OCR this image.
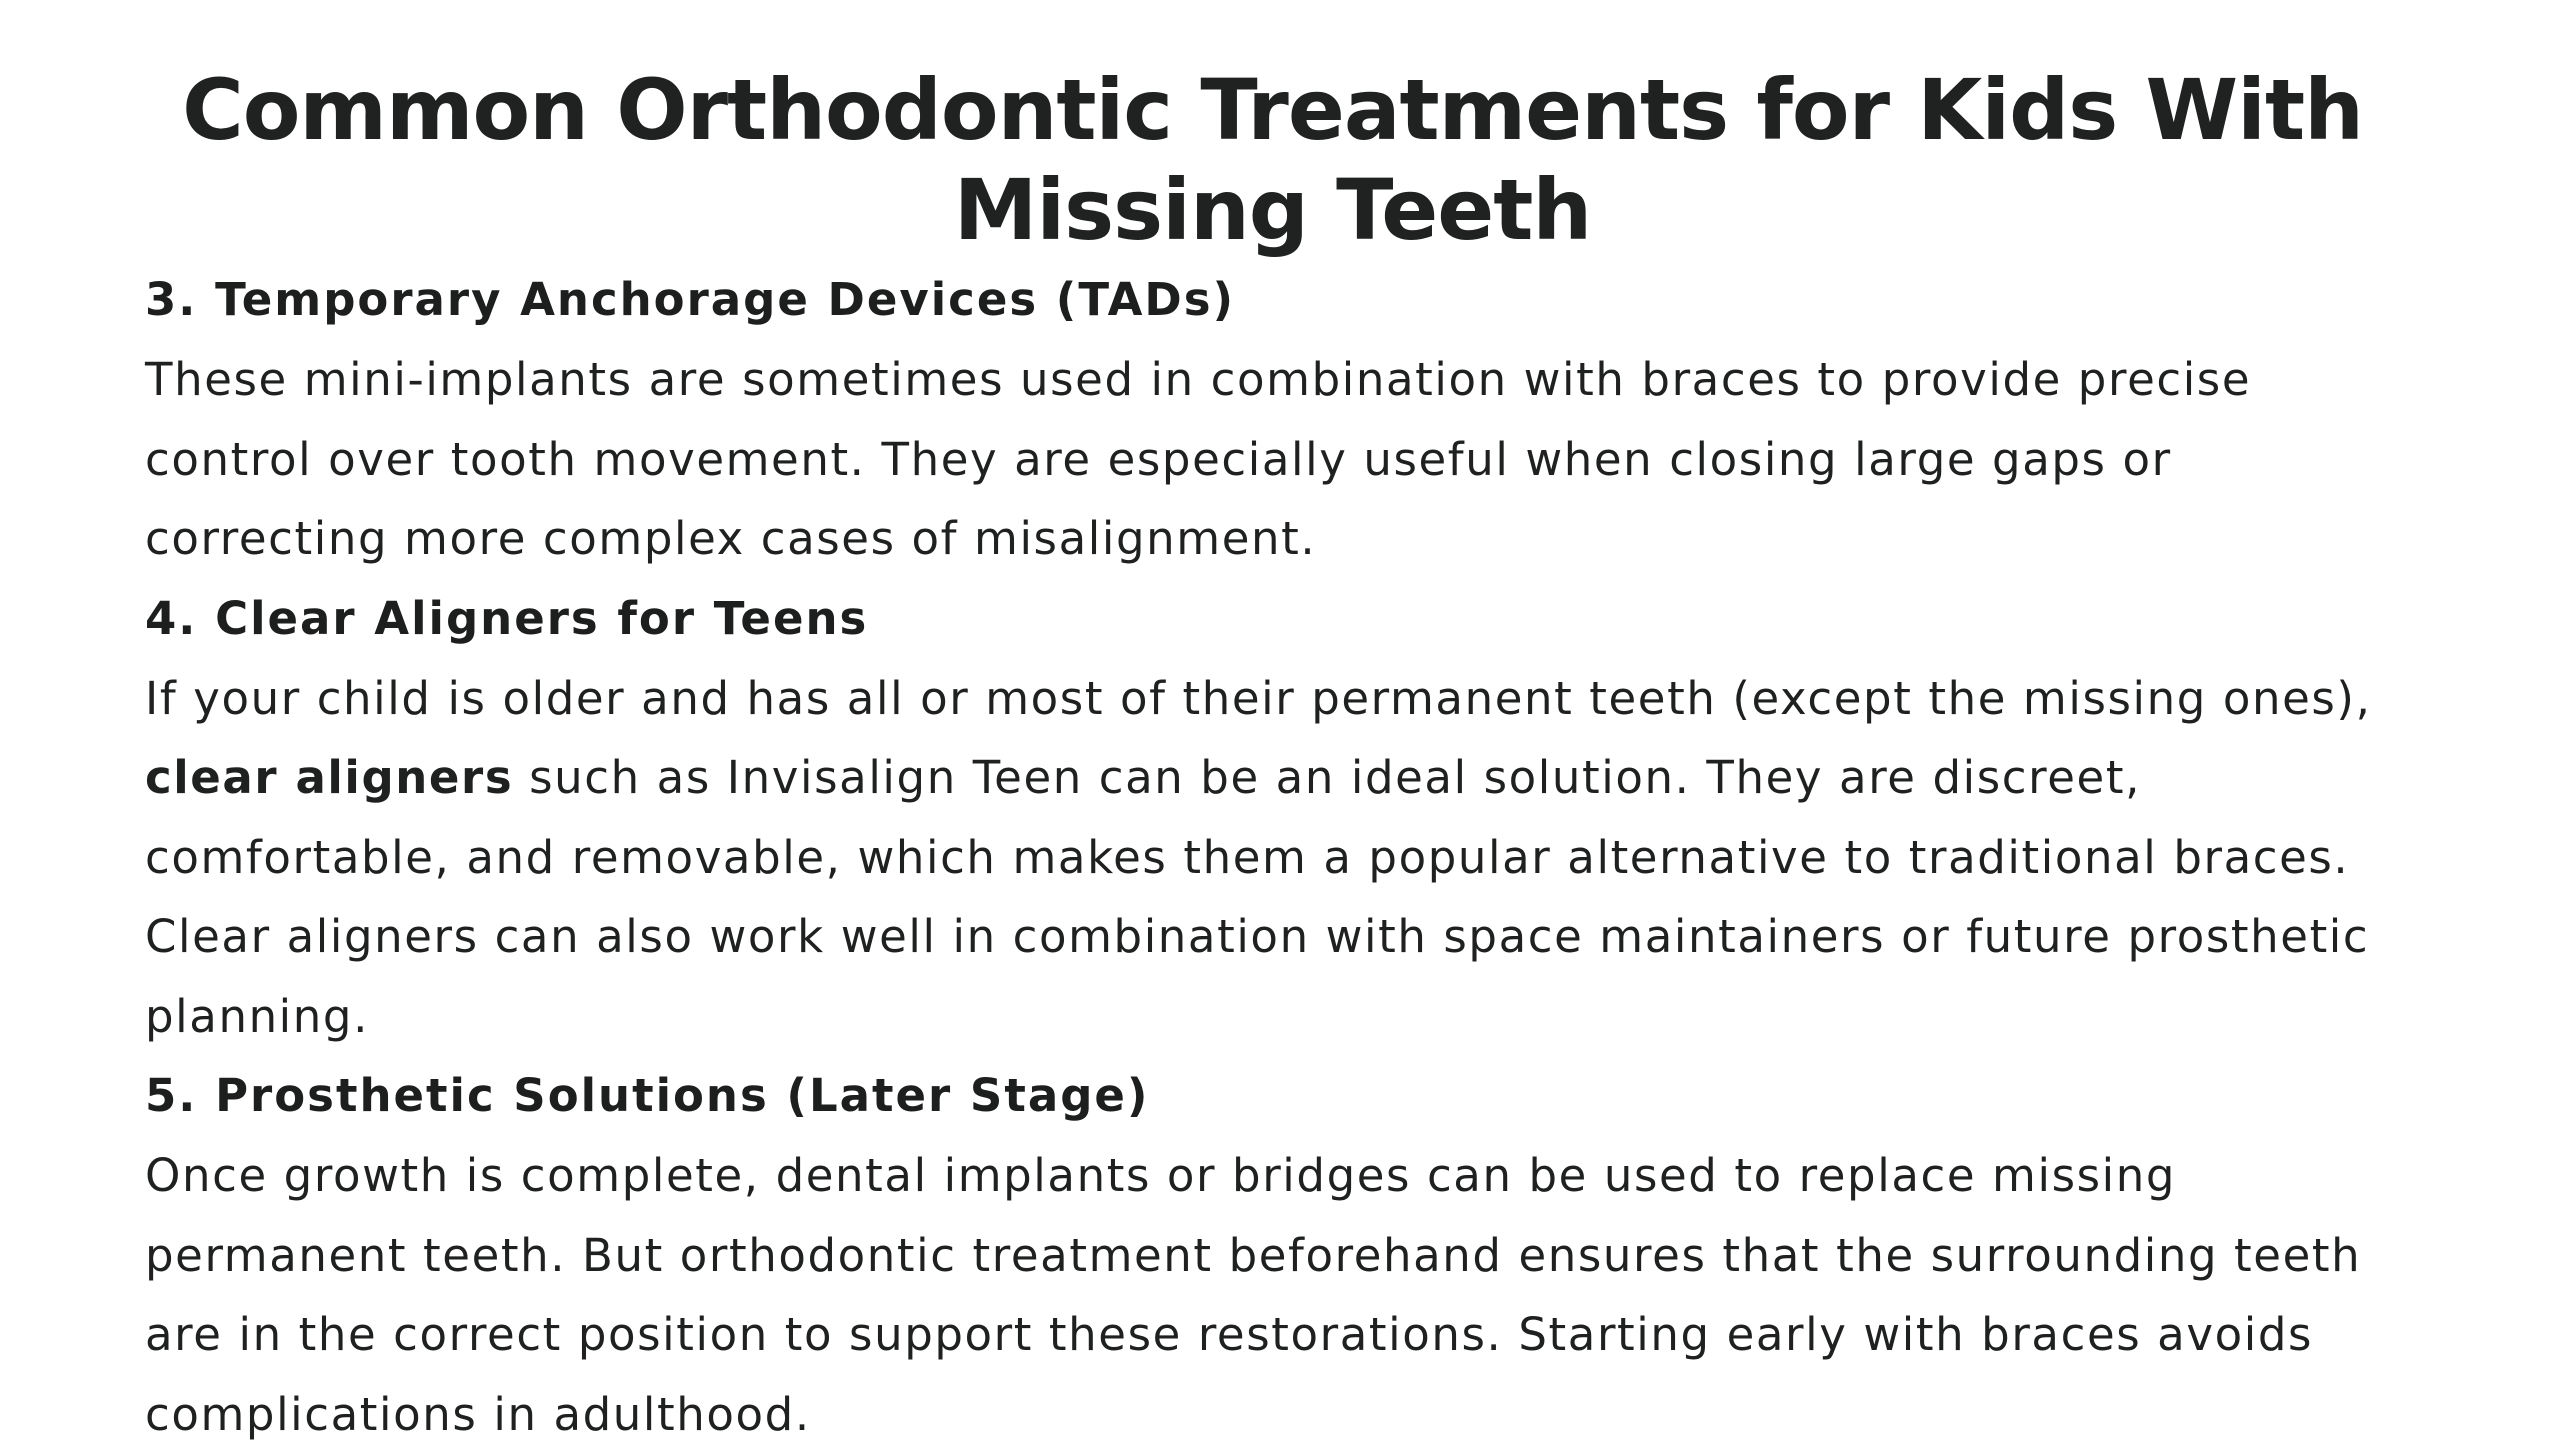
Common Orthodontic Treatments for Kids With Missing Teeth
3. Temporary Anchorage Devices (TADs)

These mini-implants are sometimes used in combination with braces to provide precise control over tooth movement. They are especially useful when closing large gaps or correcting more complex cases of misalignment.

4. Clear Aligners for Teens

If your child is older and has all or most of their permanent teeth (except the missing ones), clear aligners such as Invisalign Teen can be an ideal solution. They are discreet, comfortable, and removable, which makes them a popular alternative to traditional braces. Clear aligners can also work well in combination with space maintainers or future prosthetic planning.

5. Prosthetic Solutions (Later Stage)

Once growth is complete, dental implants or bridges can be used to replace missing permanent teeth. But orthodontic treatment beforehand ensures that the surrounding teeth are in the correct position to support these restorations. Starting early with braces avoids complications in adulthood.
